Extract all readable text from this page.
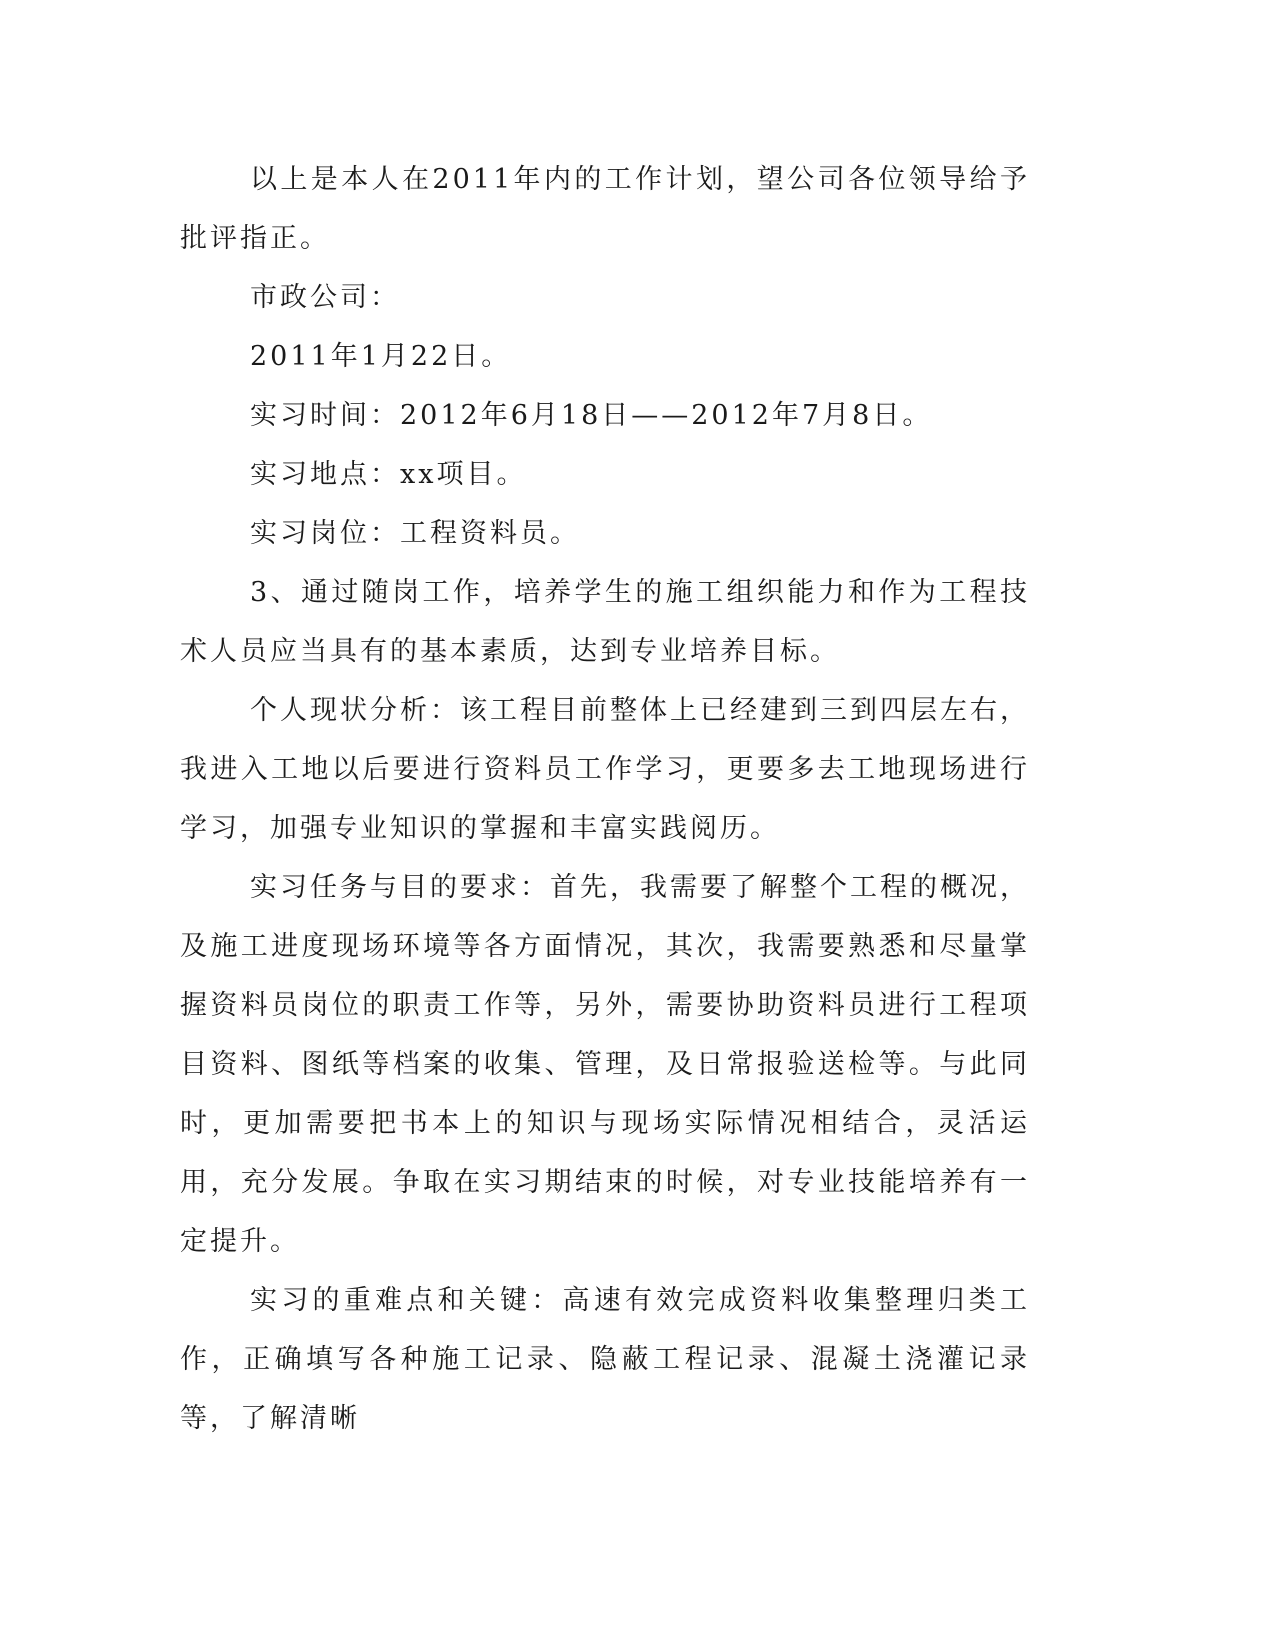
以上是本人在2011年内的工作计划，望公司各位领导给予批评指正。

市政公司：

2011年1月22日。

实习时间：2012年6月18日——2012年7月8日。

实习地点：xx项目。

实习岗位：工程资料员。

3、通过随岗工作，培养学生的施工组织能力和作为工程技术人员应当具有的基本素质，达到专业培养目标。

个人现状分析：该工程目前整体上已经建到三到四层左右，我进入工地以后要进行资料员工作学习，更要多去工地现场进行学习，加强专业知识的掌握和丰富实践阅历。

实习任务与目的要求：首先，我需要了解整个工程的概况，及施工进度现场环境等各方面情况，其次，我需要熟悉和尽量掌握资料员岗位的职责工作等，另外，需要协助资料员进行工程项目资料、图纸等档案的收集、管理，及日常报验送检等。与此同时，更加需要把书本上的知识与现场实际情况相结合，灵活运用，充分发展。争取在实习期结束的时候，对专业技能培养有一定提升。

实习的重难点和关键：高速有效完成资料收集整理归类工作，正确填写各种施工记录、隐蔽工程记录、混凝土浇灌记录等，了解清晰
